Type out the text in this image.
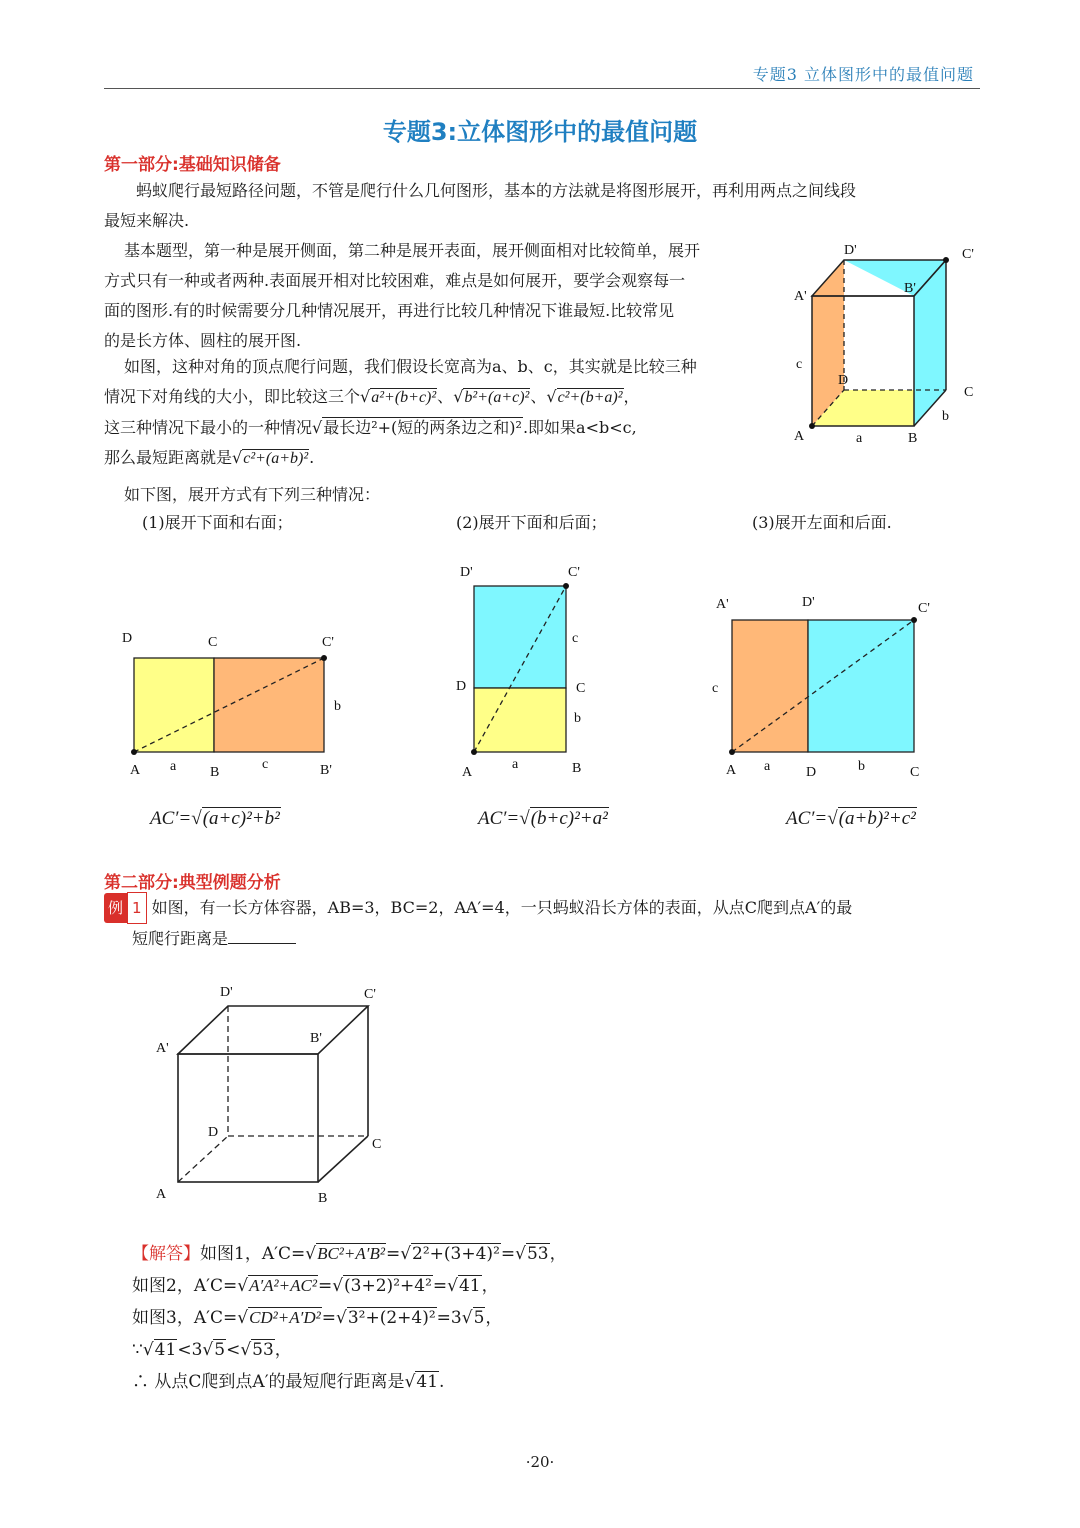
专题3 立体图形中的最值问题
专题3:立体图形中的最值问题
第一部分:基础知识储备
蚂蚁爬行最短路径问题，不管是爬行什么几何图形，基本的方法就是将图形展开，再利用两点之间线段
最短来解决.
基本题型，第一种是展开侧面，第二种是展开表面，展开侧面相对比较简单，展开
方式只有一种或者两种.表面展开相对比较困难，难点是如何展开，要学会观察每一
面的图形.有的时候需要分几种情况展开，再进行比较几种情况下谁最短.比较常见
的是长方体、圆柱的展开图.
如图，这种对角的顶点爬行问题，我们假设长宽高为a、b、c，其实就是比较三种
情况下对角线的大小，即比较这三个√a²+(b+c)²、√b²+(a+c)²、√c²+(b+a)²，
这三种情况下最小的一种情况√最长边²+(短的两条边之和)².即如果a<b<c,
那么最短距离就是√c²+(a+b)².
D'	C'
A'
B'
c
D
C
b
A	a	B
如下图，展开方式有下列三种情况：
(1)展开下面和右面；	(2)展开下面和后面；	(3)展开左面和后面.
D	C	C'
b
A a B
c	B'
D'	C'
c
D	C
b
A
a	B
A'	D'	C'
c
A a	D	b	C
AC′=√(a+c)²+b²	AC′=√(b+c)²+a²	AC′=√(a+b)²+c²
第二部分:典型例题分析
例 1 如图，有一长方体容器，AB=3，BC=2，AA′=4，一只蚂蚁沿长方体的表面，从点C爬到点A′的最
短爬行距离是
D'	C'
A'
B'
D
C
A	B
【解答】如图1，A′C=√BC²+A′B²=√2²+(3+4)²=√53，
如图2，A′C=√A′A²+AC²=√(3+2)²+4²=√41，
如图3，A′C=√CD²+A′D²=√3²+(2+4)²=3√5，
∵√41<3√5<√53，
∴ 从点C爬到点A′的最短爬行距离是√41.
·20·
